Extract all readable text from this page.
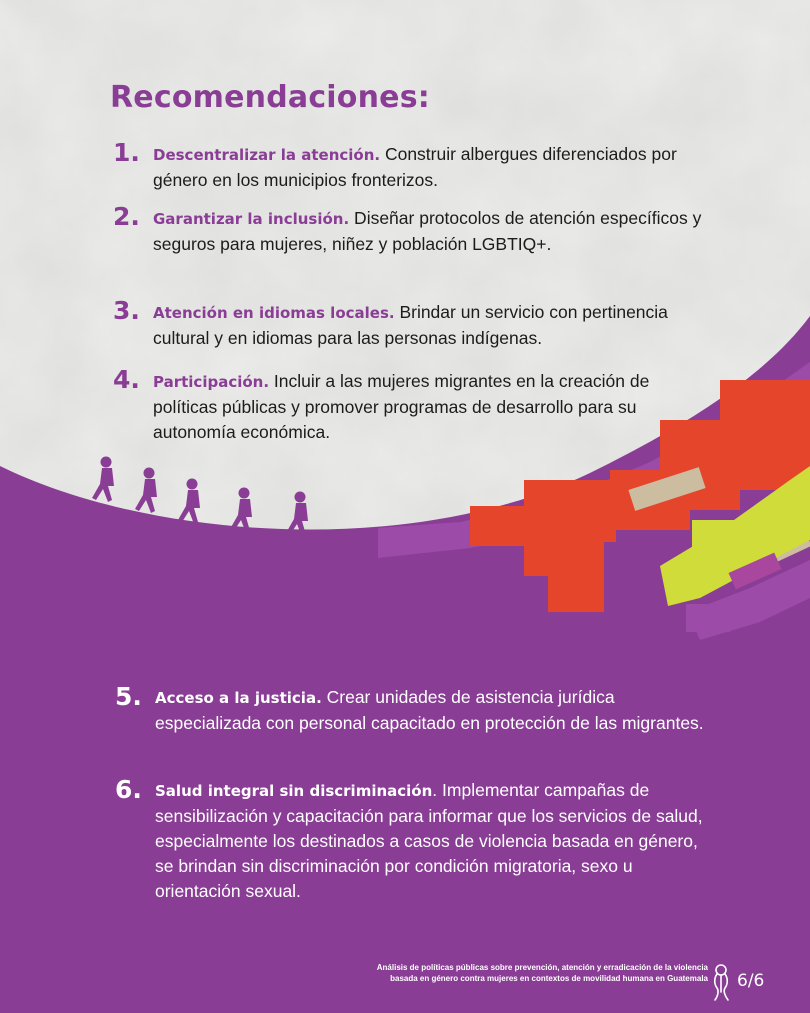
Recomendaciones:
1. Descentralizar la atención. Construir albergues diferenciados por género en los municipios fronterizos.
2. Garantizar la inclusión. Diseñar protocolos de atención específicos y seguros para mujeres, niñez y población LGBTIQ+.
3. Atención en idiomas locales. Brindar un servicio con pertinencia cultural y en idiomas para las personas indígenas.
4. Participación. Incluir a las mujeres migrantes en la creación de políticas públicas y promover programas de desarrollo para su autonomía económica.
5. Acceso a la justicia. Crear unidades de asistencia jurídica especializada con personal capacitado en protección de las migrantes.
6. Salud integral sin discriminación. Implementar campañas de sensibilización y capacitación para informar que los servicios de salud, especialmente los destinados a casos de violencia basada en género, se brindan sin discriminación por condición migratoria, sexo u orientación sexual.
Análisis de políticas públicas sobre prevención, atención y erradicación de la violencia
basada en género contra mujeres en contextos de movilidad humana en Guatemala 6/6
